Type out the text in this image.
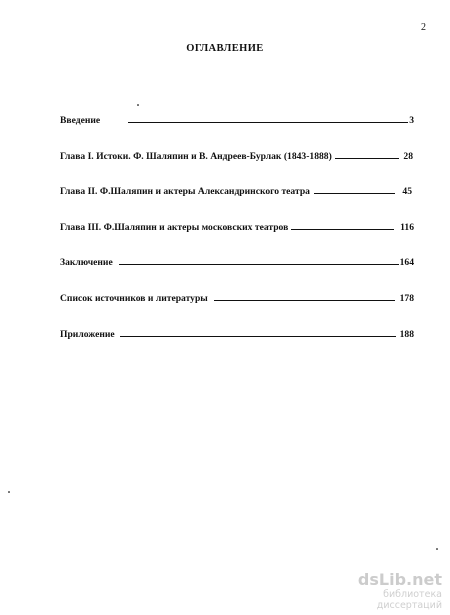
2
ОГЛАВЛЕНИЕ
Введение	3
Глава I. Истоки. Ф. Шаляпин и В. Андреев-Бурлак (1843-1888)	28
Глава II. Ф.Шаляпин и актеры Александринского театра	45
Глава III. Ф.Шаляпин и актеры московских театров	116
Заключение	164
Список источников и литературы	178
Приложение	188
dsLib.net
библиотека диссертаций
